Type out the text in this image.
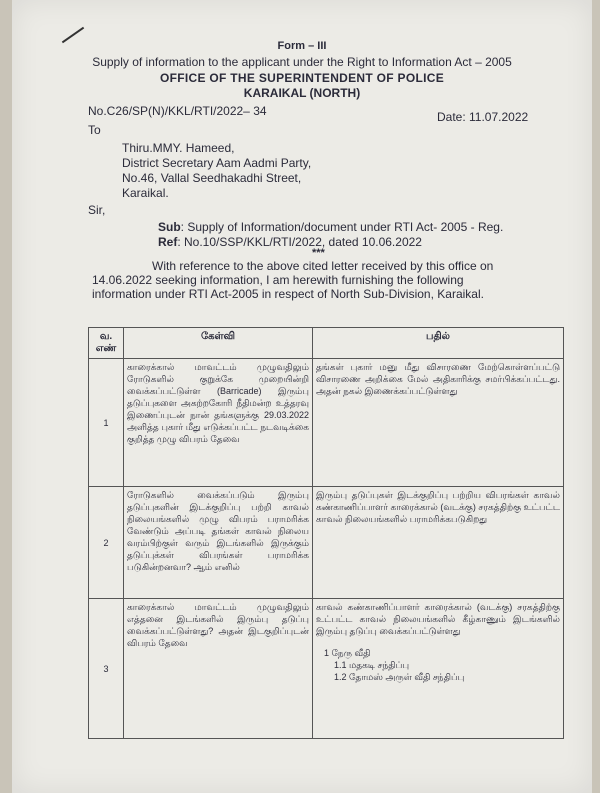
Form – III
Supply of information to the applicant under the Right to Information Act – 2005
OFFICE OF THE SUPERINTENDENT OF POLICE
KARAIKAL (NORTH)
No.C26/SP(N)/KKL/RTI/2022– 34	Date: 11.07.2022
To
Thiru.MMY. Hameed,
District Secretary Aam Aadmi Party,
No.46, Vallal Seedhakadhi Street,
Karaikal.
Sir,
Sub: Supply of Information/document under RTI Act- 2005 - Reg.
Ref: No.10/SSP/KKL/RTI/2022, dated 10.06.2022
***
With reference to the above cited letter received by this office on
14.06.2022 seeking information, I am herewith furnishing the following
information under RTI Act-2005 in respect of North Sub-Division, Karaikal.
வ. எண்	கேள்வி	பதில்
1	காரைக்கால் மாவட்டம் முழுவதிலும் ரோடுகளில் குறுக்கே முறையின்றி வைக்கப்பட்டுள்ள (Barricade) இரும்பு தடுப்புகளை அகற்றகோரி நீதிமன்ற உத்தரவு இணைப்புடன் நான் தங்களுக்கு 29.03.2022 அளித்த புகார் மீது எடுக்கப்பட்ட நடவடிக்கை குறித்த முழு விபரம் தேவை	தங்கள் புகார் மனு மீது விசாரணை மேற்கொள்ளப்பட்டு விசாரணை அறிக்கை மேல் அதிகாரிக்கு சமர்பிக்கப்பட்டது. அதன் நகல் இணைக்கப்பட்டுள்ளது
2	ரோடுகளில் வைக்கப்படும் இரும்பு தடுப்புகளின் இடக்குறிப்பு பற்றி காவல் நிலையங்களில் முழு விபரம் பராமரிக்க வேண்டும் அப்படி தங்கள் காவல் நிலைய வரம்பிற்குள் வரும் இடங்களில் இருக்கும் தடுப்புக்கள் விபரங்கள் பராமரிக்க படுகின்றனவா? ஆம் எனில்	இரும்பு தடுப்புகள் இடக்குறிப்பு பற்றிய விபரங்கள் காவல் கண்காணிப்பாளர் காரைக்கால் (வடக்கு) சரகத்திற்கு உட்பட்ட காவல் நிலையங்களில் பராமரிக்கபடுகிறது
3	காரைக்கால் மாவட்டம் முழுவதிலும் எத்தனை இடங்களில் இரும்பு தடுப்பு வைக்கப்பட்டுள்ளது? அதன் இடகுறிப்புடன் விபரம் தேவை	காவல் கண்காணிப்பாளர் காரைக்கால் (வடக்கு) சரகத்திற்கு உட்பட்ட காவல் நிலையங்களில் கீழ்காணும் இடங்களில் இரும்பு தடுப்பு வைக்கப்பட்டுள்ளது
1 நேரு வீதி
1.1 மதகடி சந்திப்பு
1.2 தோமஸ் அருள் வீதி சந்திப்பு
